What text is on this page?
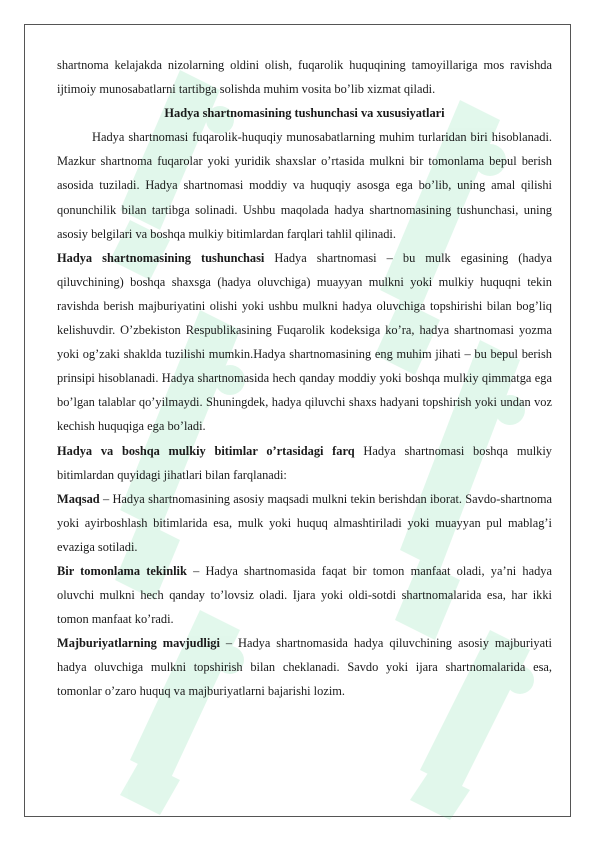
shartnoma kelajakda nizolarning oldini olish, fuqarolik huquqining tamoyillariga mos ravishda ijtimoiy munosabatlarni tartibga solishda muhim vosita bo’lib xizmat qiladi.

Hadya shartnomasining tushunchasi va xususiyatlari

Hadya shartnomasi fuqarolik-huquqiy munosabatlarning muhim turlaridan biri hisoblanadi. Mazkur shartnoma fuqarolar yoki yuridik shaxslar o’rtasida mulkni bir tomonlama bepul berish asosida tuziladi. Hadya shartnomasi moddiy va huquqiy asosga ega bo’lib, uning amal qilishi qonunchilik bilan tartibga solinadi. Ushbu maqolada hadya shartnomasining tushunchasi, uning asosiy belgilari va boshqa mulkiy bitimlardan farqlari tahlil qilinadi.

Hadya shartnomasining tushunchasi Hadya shartnomasi – bu mulk egasining (hadya qiluvchining) boshqa shaxsga (hadya oluvchiga) muayyan mulkni yoki mulkiy huquqni tekin ravishda berish majburiyatini olishi yoki ushbu mulkni hadya oluvchiga topshirishi bilan bog’liq kelishuvdir. O’zbekiston Respublikasining Fuqarolik kodeksiga ko’ra, hadya shartnomasi yozma yoki og’zaki shaklda tuzilishi mumkin.Hadya shartnomasining eng muhim jihati – bu bepul berish prinsipi hisoblanadi. Hadya shartnomasida hech qanday moddiy yoki boshqa mulkiy qimmatga ega bo’lgan talablar qo’yilmaydi. Shuningdek, hadya qiluvchi shaxs hadyani topshirish yoki undan voz kechish huquqiga ega bo’ladi.

Hadya va boshqa mulkiy bitimlar o’rtasidagi farq Hadya shartnomasi boshqa mulkiy bitimlardan quyidagi jihatlari bilan farqlanadi:

Maqsad – Hadya shartnomasining asosiy maqsadi mulkni tekin berishdan iborat. Savdo-shartnoma yoki ayirboshlash bitimlarida esa, mulk yoki huquq almashtiriladi yoki muayyan pul mablag’i evaziga sotiladi.

Bir tomonlama tekinlik – Hadya shartnomasida faqat bir tomon manfaat oladi, ya’ni hadya oluvchi mulkni hech qanday to’lovsiz oladi. Ijara yoki oldi-sotdi shartnomalarida esa, har ikki tomon manfaat ko’radi.

Majburiyatlarning mavjudligi – Hadya shartnomasida hadya qiluvchining asosiy majburiyati hadya oluvchiga mulkni topshirish bilan cheklanadi. Savdo yoki ijara shartnomalarida esa, tomonlar o’zaro huquq va majburiyatlarni bajarishi lozim.
